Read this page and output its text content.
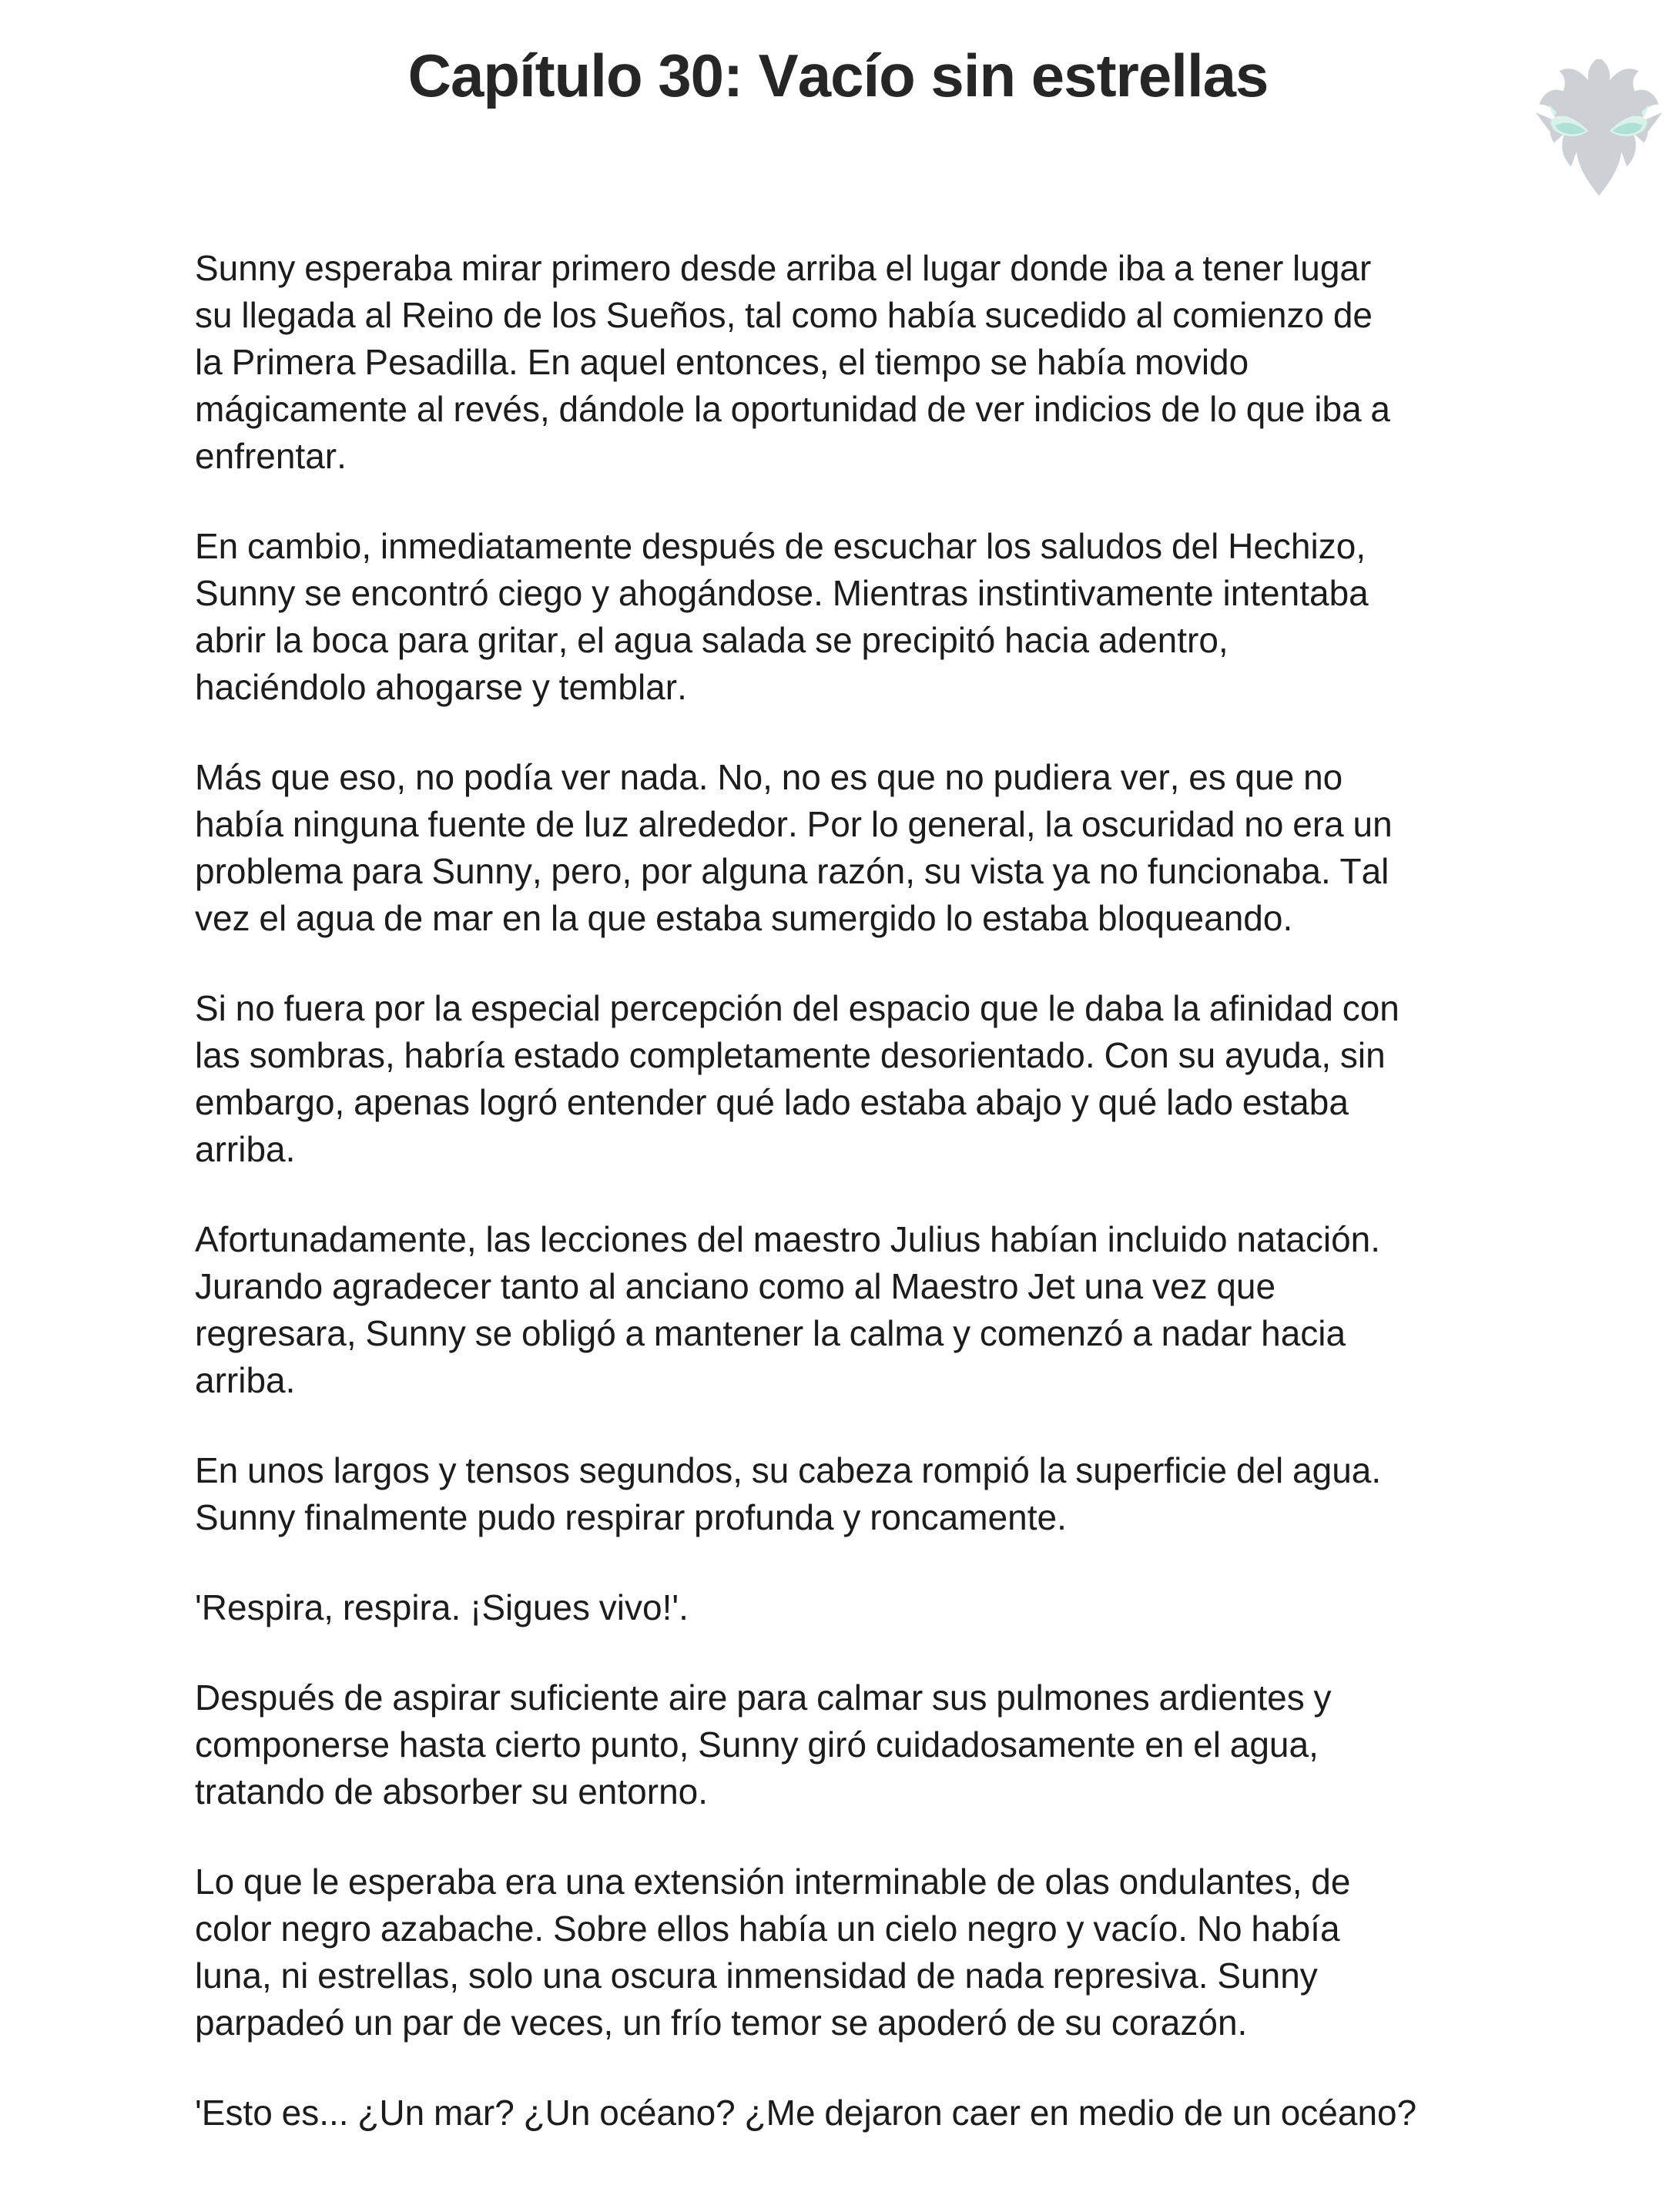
Capítulo 30: Vacío sin estrellas

Sunny esperaba mirar primero desde arriba el lugar donde iba a tener lugar su llegada al Reino de los Sueños, tal como había sucedido al comienzo de la Primera Pesadilla. En aquel entonces, el tiempo se había movido mágicamente al revés, dándole la oportunidad de ver indicios de lo que iba a enfrentar.

En cambio, inmediatamente después de escuchar los saludos del Hechizo, Sunny se encontró ciego y ahogándose. Mientras instintivamente intentaba abrir la boca para gritar, el agua salada se precipitó hacia adentro, haciéndolo ahogarse y temblar.

Más que eso, no podía ver nada. No, no es que no pudiera ver, es que no había ninguna fuente de luz alrededor. Por lo general, la oscuridad no era un problema para Sunny, pero, por alguna razón, su vista ya no funcionaba. Tal vez el agua de mar en la que estaba sumergido lo estaba bloqueando.

Si no fuera por la especial percepción del espacio que le daba la afinidad con las sombras, habría estado completamente desorientado. Con su ayuda, sin embargo, apenas logró entender qué lado estaba abajo y qué lado estaba arriba.

Afortunadamente, las lecciones del maestro Julius habían incluido natación. Jurando agradecer tanto al anciano como al Maestro Jet una vez que regresara, Sunny se obligó a mantener la calma y comenzó a nadar hacia arriba.

En unos largos y tensos segundos, su cabeza rompió la superficie del agua. Sunny finalmente pudo respirar profunda y roncamente.

'Respira, respira. ¡Sigues vivo!'.

Después de aspirar suficiente aire para calmar sus pulmones ardientes y componerse hasta cierto punto, Sunny giró cuidadosamente en el agua, tratando de absorber su entorno.

Lo que le esperaba era una extensión interminable de olas ondulantes, de color negro azabache. Sobre ellos había un cielo negro y vacío. No había luna, ni estrellas, solo una oscura inmensidad de nada represiva. Sunny parpadeó un par de veces, un frío temor se apoderó de su corazón.

'Esto es... ¿Un mar? ¿Un océano? ¿Me dejaron caer en medio de un océano?
